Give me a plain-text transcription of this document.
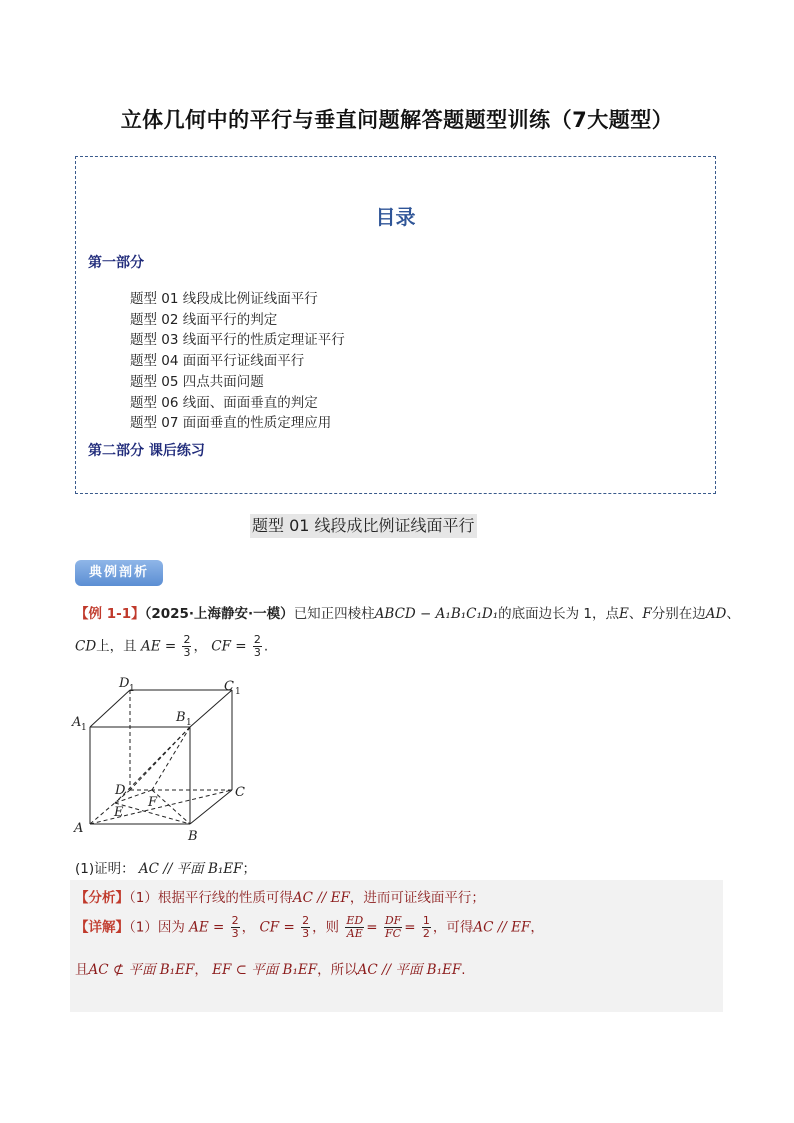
立体几何中的平行与垂直问题解答题题型训练（7大题型）
目录
第一部分
题型 01 线段成比例证线面平行
题型 02 线面平行的判定
题型 03 线面平行的性质定理证平行
题型 04 面面平行证线面平行
题型 05 四点共面问题
题型 06 线面、面面垂直的判定
题型 07 面面垂直的性质定理应用
第二部分 课后练习
题型 01 线段成比例证线面平行
典例剖析
【例 1-1】（2025·上海静安·一模）已知正四棱柱ABCD − A₁B₁C₁D₁的底面边长为 1，点E、F分别在边AD、
CD上，且 AE = $\frac{2}{3}$ ， CF = $\frac{2}{3}$ .
A
B
C
D
A 1
B 1
C 1
D 1
E
F
(1)证明： AC // 平面 B₁EF；
【分析】（1）根据平行线的性质可得AC // EF，进而可证线面平行；
【详解】（1）因为 AE = $\frac{2}{3}$ ， CF = $\frac{2}{3}$ ，则 $\frac{ED}{AE} = \frac{DF}{FC} = \frac{1}{2}$ ，可得AC // EF，
且AC ⊄ 平面 B₁EF， EF ⊂ 平面 B₁EF，所以AC // 平面 B₁EF.
